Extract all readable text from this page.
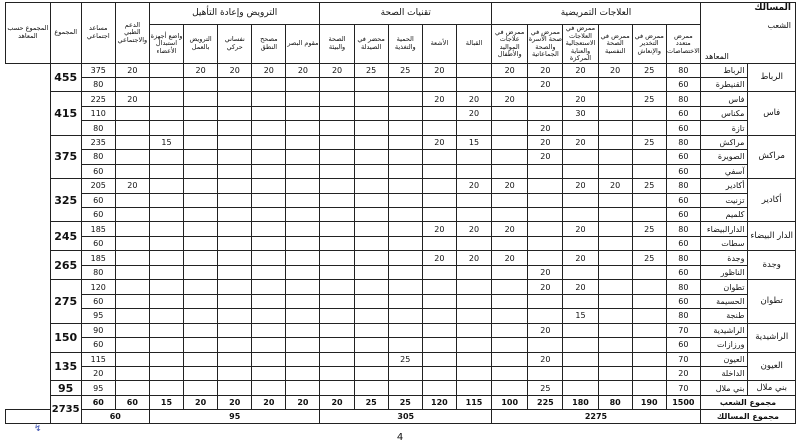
المسالك
الشعب
المعاهد		العلاجات التمريضية						تقنيات الصحة					الترويض وإعادة التأهيل					الدعم الطبي والاجتماعي	مساعد اجتماعي	المجموع	المجموع حسب المعاهد
		ممرض متعدد الاختصاصات	ممرض في التخدير والإنعاش	ممرض في الصحة النفسية	ممرض في العلاجات الاستعجالية والعناية المركزة	ممرض في صحة الأسرة والصحة الجماعاتية	ممرض في علاجات المواليد والأطفال	القبالة	الأشعة	الحمية والتغذية	محضر في الصيدلة	الصحة والبيئة	مقوم البصر	مصحح النطق	نفساني حركي	الترويض بالعمل	واضع أجهزة استبدال الأعضاء				

الرباط	الرباط	80	25	20	20	20	20		20	25	25	20	20	20	20	20		20	375	455	
	القنيطرة	60				20													80		
فاس	فاس	80	25		20		20	20	20									20	225	415	
	مكناس	60			30			20											110		
	تازة	60				20													80		
مراكش	مراكش	80	25		20	20		15	20								15		235	375	
	الصويرة	60				20													80		
	آسفي	60																	60		
أكادير	أكادير	80	25	20	20		20	20										20	205	325	
	تزنيت	60																	60		
	كلميم	60																	60		
الدار البيضاء	الدارالبيضاء	80	25		20		20	20	20										185	245	
	سطات	60																	60		
وجدة	وجدة	80	25		20		20	20	20										185	265	
	الناظور	60				20													80		
تطوان	تطوان	80			20	20													120	275	
	الحسيمة	60																	60		
	طنجة	80			15														95		
الراشيدية	الراشيدية	70				20													90	150	
	ورزازات	60																	60		
العيون	العيون	70				20				25									115	135	
	الداخلة	20																	20		
بني ملال	بني ملال	70				25													95	95	
مجموع الشعب		1500	190	80	180	225	100	115	120	25	25	20	20	20	20	20	15	60	60	2735	
مجموع المسالك		2275						305					95					60			
↯
4
